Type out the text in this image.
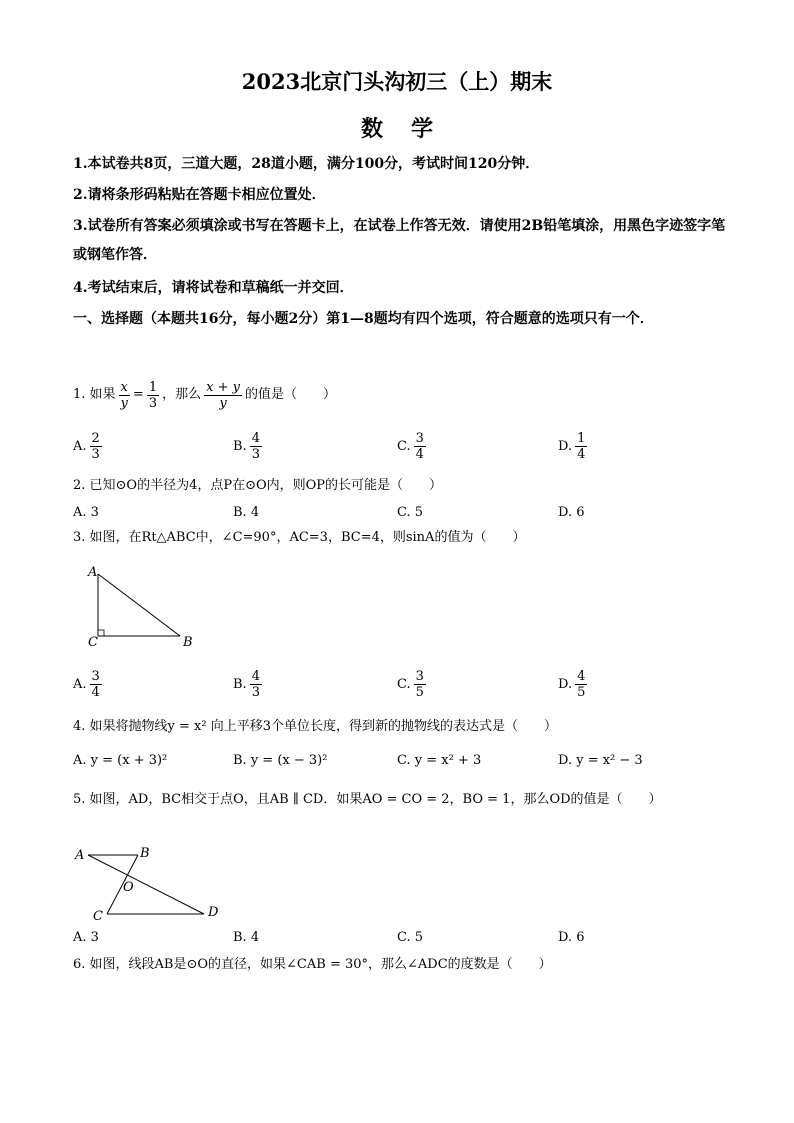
2023北京门头沟初三（上）期末
数学
1.本试卷共8页，三道大题，28道小题，满分100分，考试时间120分钟．
2.请将条形码粘贴在答题卡相应位置处．
3.试卷所有答案必须填涂或书写在答题卡上，在试卷上作答无效．请使用2B铅笔填涂，用黑色字迹签字笔或钢笔作答．
4.考试结束后，请将试卷和草稿纸一并交回．
一、选择题（本题共16分，每小题2分）第1—8题均有四个选项，符合题意的选项只有一个．
1. 如果 $\frac{x}{y} = \frac{1}{3}$ ，那么 $\frac{x + y}{y}$ 的值是（　　）
A. $\frac{2}{3}$	B. $\frac{4}{3}$	C. $\frac{3}{4}$	D. $\frac{1}{4}$
2. 已知⊙O的半径为4，点P在⊙O内，则OP的长可能是（　　）
A. 3	B. 4	C. 5	D. 6
3. 如图，在Rt△ABC中，∠C=90°，AC=3，BC=4，则sinA的值为（　　）
A
C	B
A. $\frac{3}{4}$	B. $\frac{4}{3}$	C. $\frac{3}{5}$	D. $\frac{4}{5}$
4. 如果将抛物线y = x² 向上平移3个单位长度，得到新的抛物线的表达式是（　　）
A. y = (x + 3)²	B. y = (x − 3)²	C. y = x² + 3	D. y = x² − 3
5. 如图，AD，BC相交于点O，且AB ∥ CD．如果AO = CO = 2，BO = 1，那么OD的值是（　　）
A	B
O
C	D
A. 3	B. 4	C. 5	D. 6
6. 如图，线段AB是⊙O的直径，如果∠CAB = 30°，那么∠ADC的度数是（　　）
